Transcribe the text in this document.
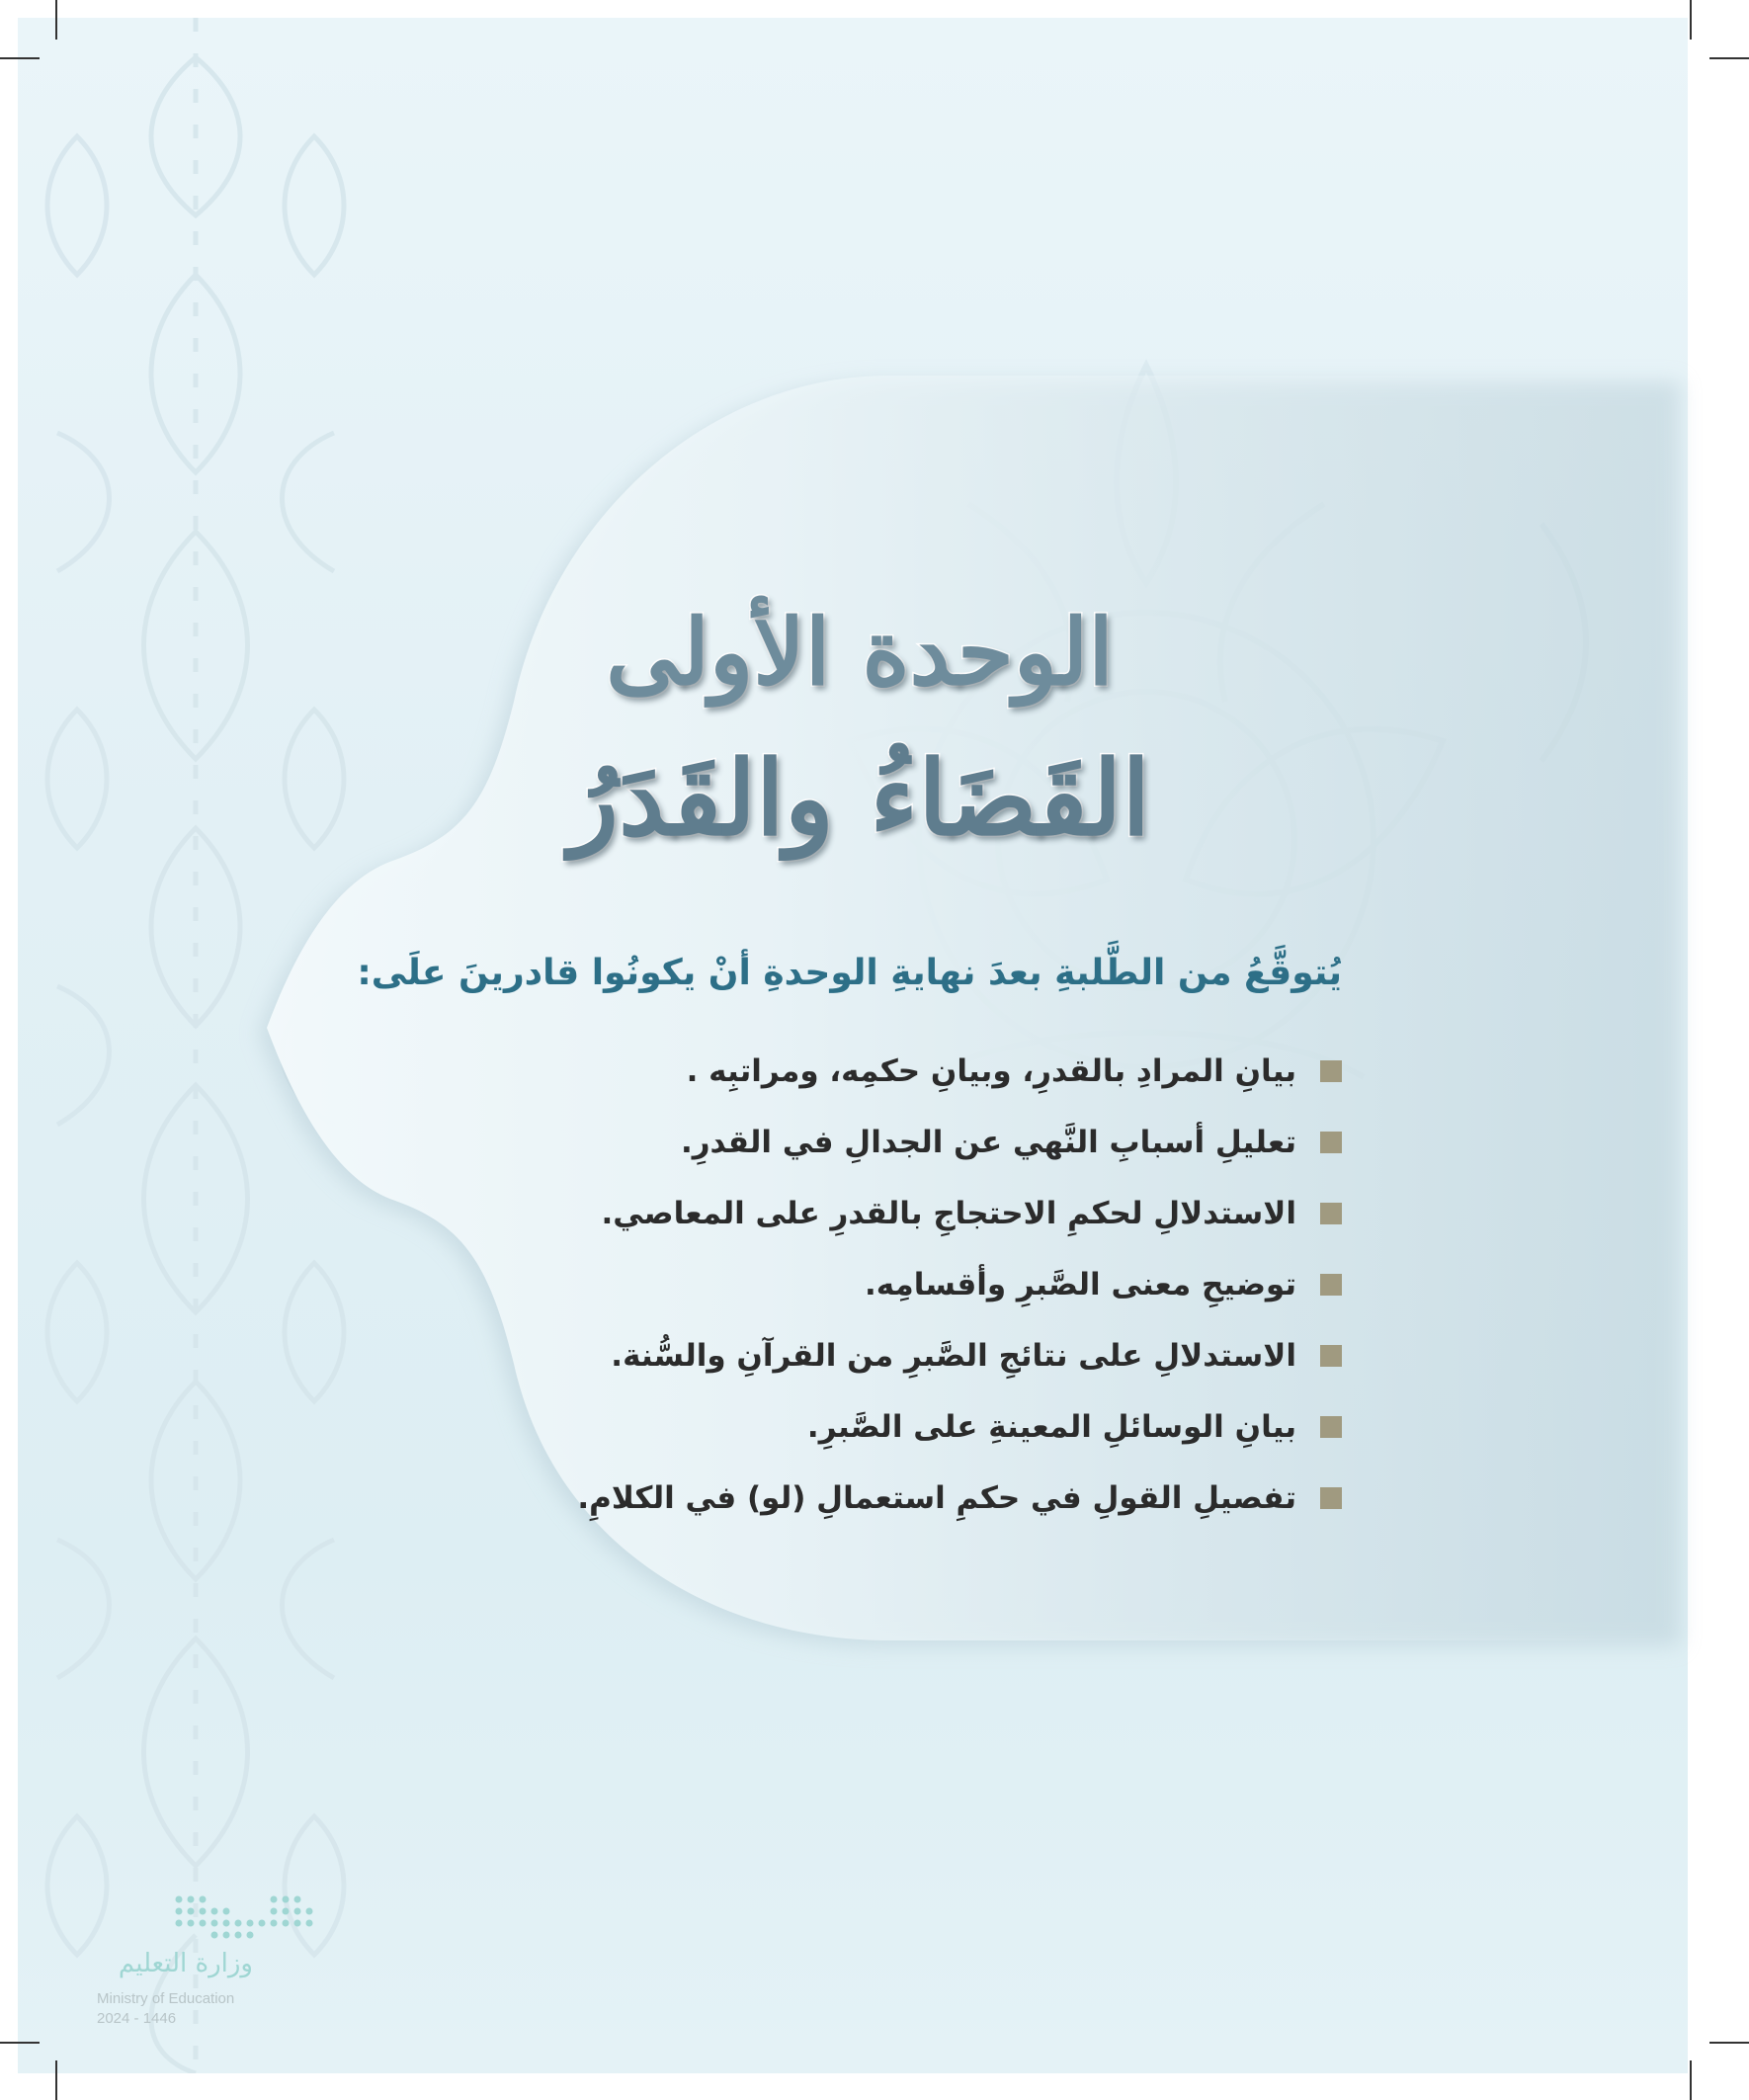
الوحدة الأولى
القَضَاءُ والقَدَرُ
يُتوقَّعُ من الطَّلبةِ بعدَ نهايةِ الوحدةِ أنْ يكونُوا قادرينَ علَى:
بيانِ المرادِ بالقدرِ، وبيانِ حكمِه، ومراتبِه .
تعليلِ أسبابِ النَّهي عن الجدالِ في القدرِ.
الاستدلالِ لحكمِ الاحتجاجِ بالقدرِ على المعاصي.
توضيحِ معنى الصَّبرِ وأقسامِه.
الاستدلالِ على نتائجِ الصَّبرِ من القرآنِ والسُّنة.
بيانِ الوسائلِ المعينةِ على الصَّبرِ.
تفصيلِ القولِ في حكمِ استعمالِ (لو) في الكلامِ.
وزارة التعليم
Ministry of Education
2024 - 1446
